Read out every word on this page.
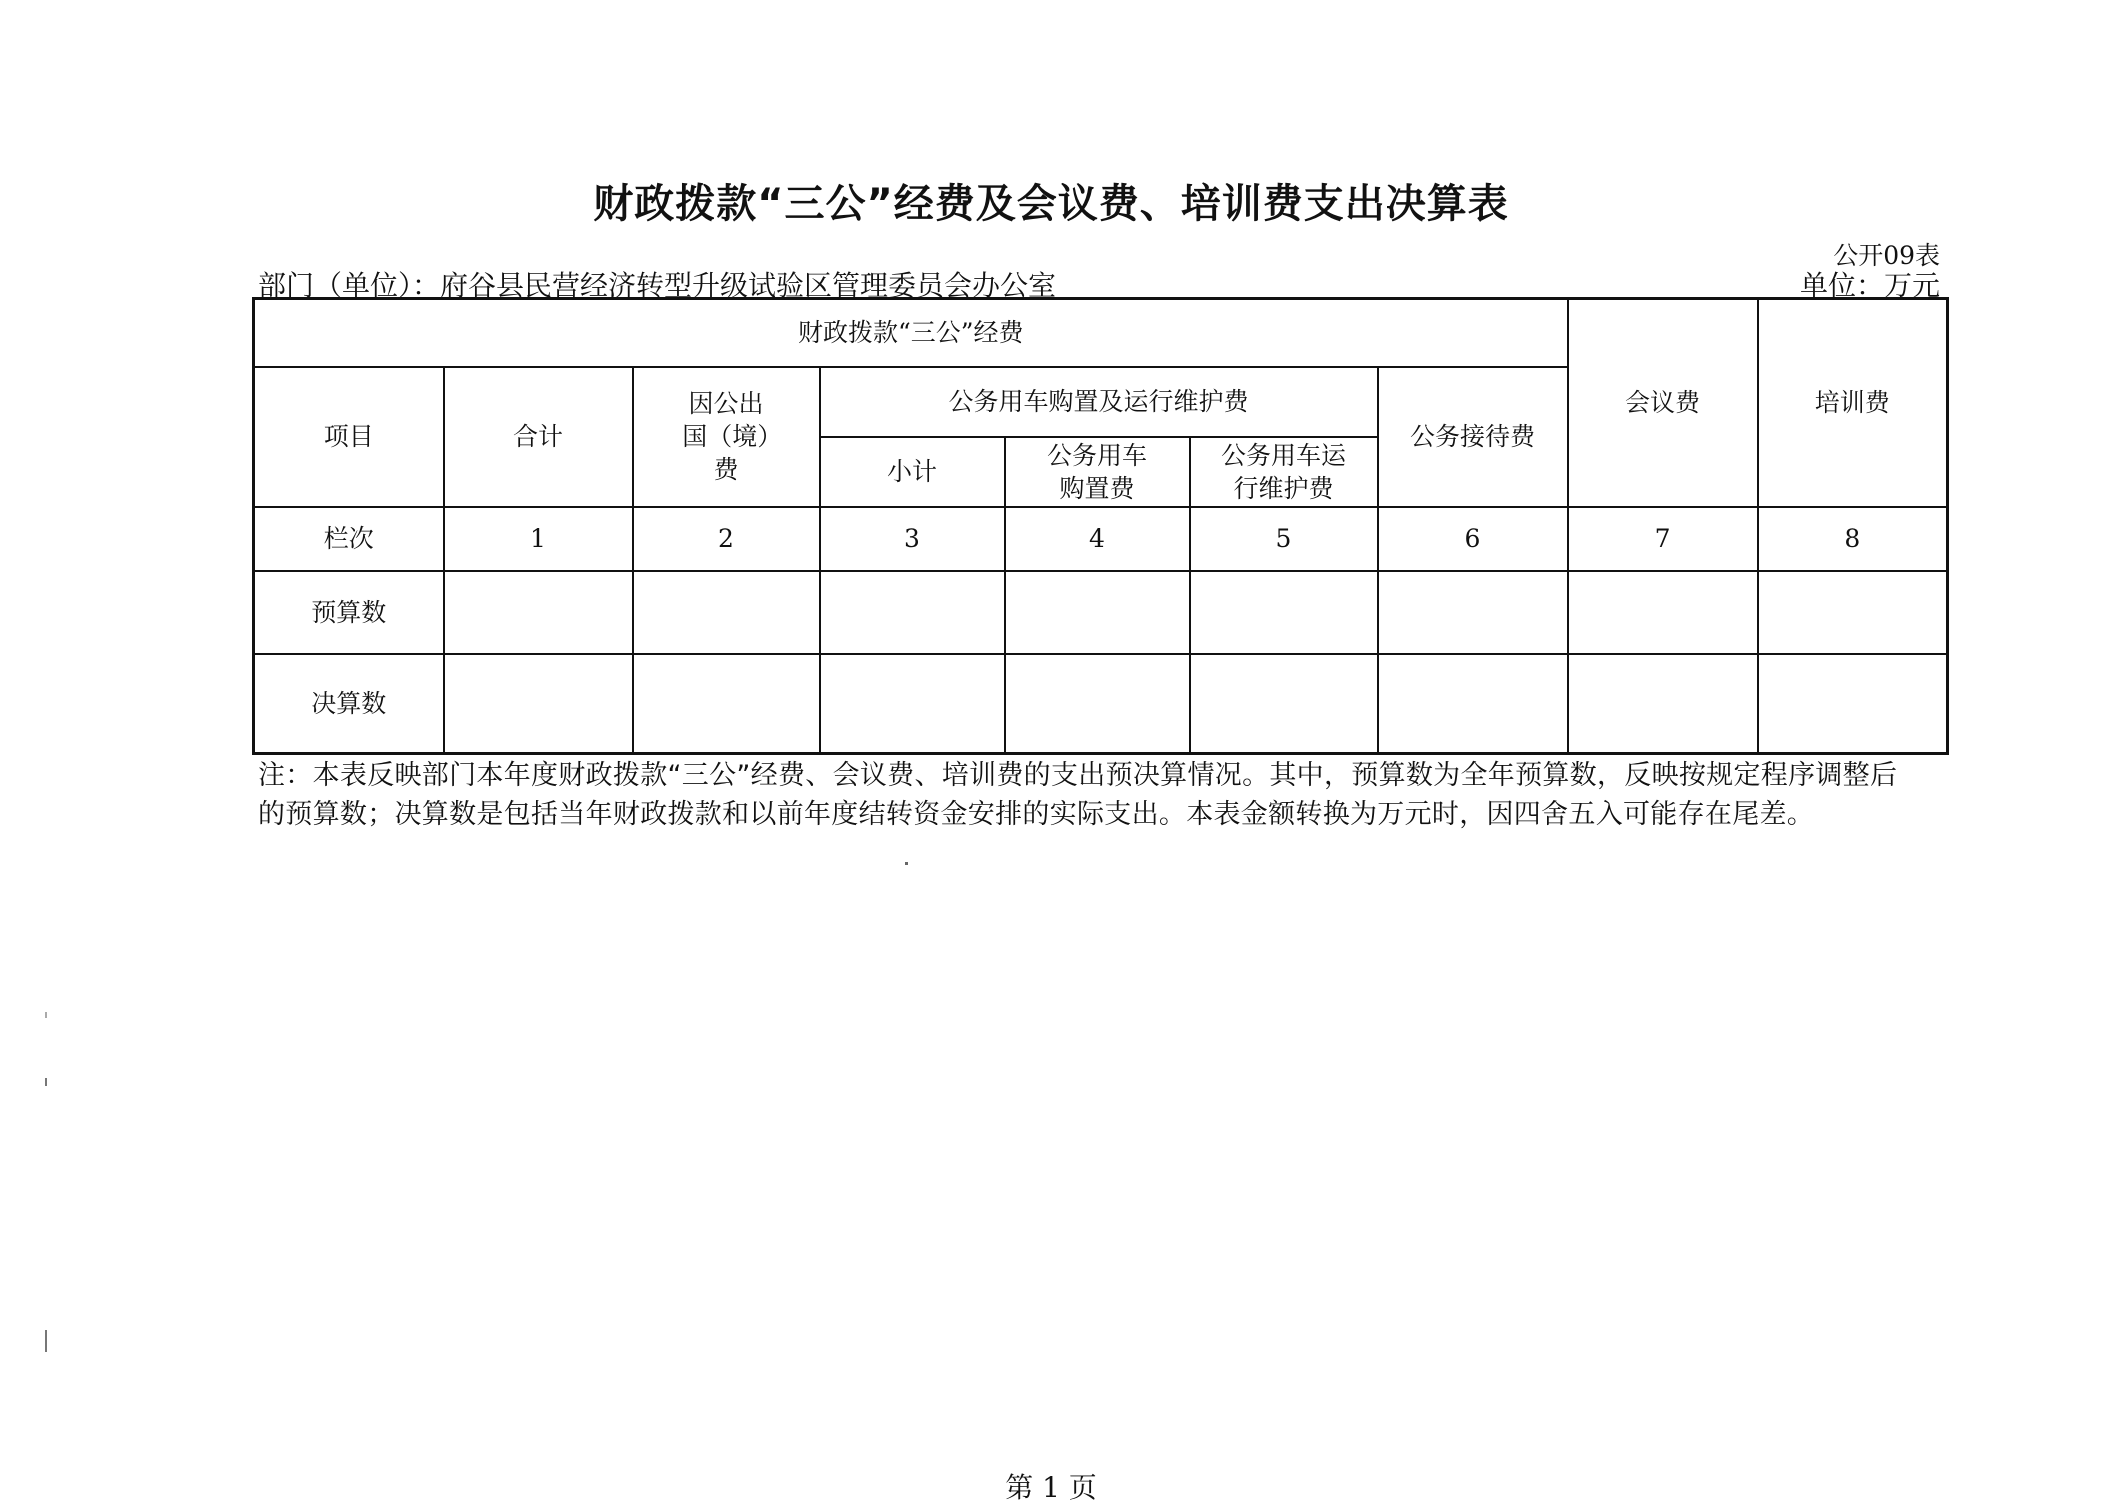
财政拨款“三公”经费及会议费、培训费支出决算表
公开09表
部门（单位）：府谷县民营经济转型升级试验区管理委员会办公室	单位：万元
财政拨款“三公”经费							会议费	培训费
项目	合计	因公出国（境）费	公务用车购置及运行维护费			公务接待费		
			小计	公务用车购置费	公务用车运行维护费			

栏次	1	2	3	4	5	6	7	8
预算数								
决算数								
注：本表反映部门本年度财政拨款“三公”经费、会议费、培训费的支出预决算情况。其中，预算数为全年预算数，反映按规定程序调整后的预算数；决算数是包括当年财政拨款和以前年度结转资金安排的实际支出。本表金额转换为万元时，因四舍五入可能存在尾差。
第 1 页
